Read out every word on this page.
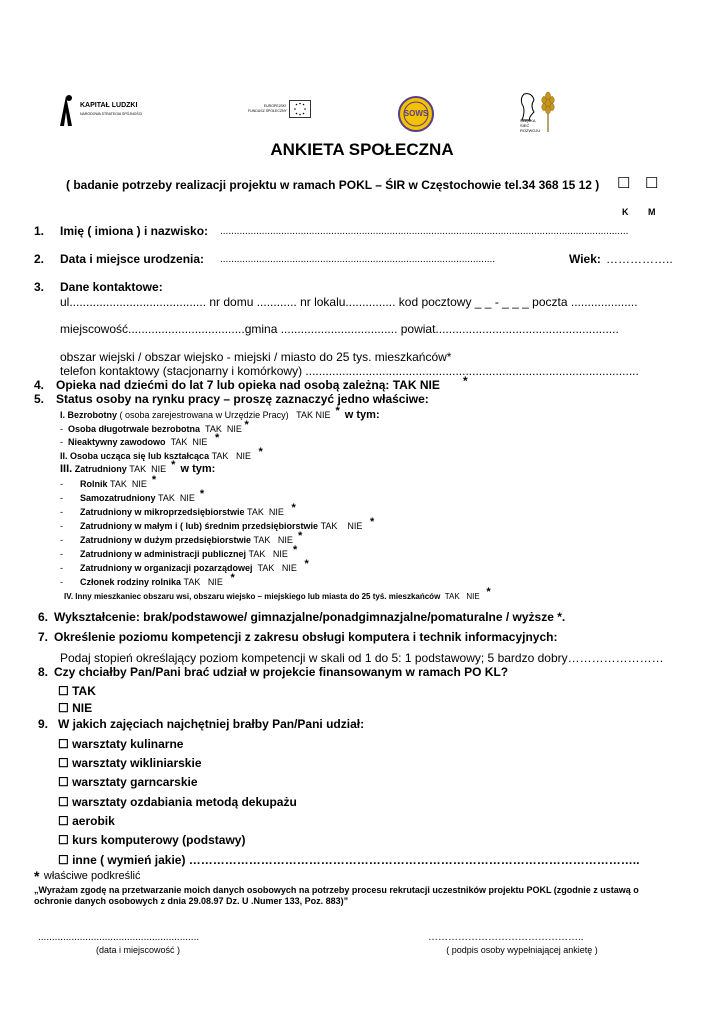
KAPITAŁ LUDZKI
NARODOWA STRATEGIA SPÓJNOŚCI
EUROPEJSKI
FUNDUSZ SPOŁECZNY	SOWS
ŚLĄSKA
SIEĆ
ROZWOJU
ANKIETA SPOŁECZNA
( badanie potrzeby realizacji projektu w ramach POKL – ŚIR w Częstochowie tel.34 368 15 12 ) ☐ ☐
K M
1. Imię ( imiona ) i nazwisko: ...................................................................................................................................................
2. Data i miejsce urodzenia: ...................................................................................................	Wiek: ……………..
3. Dane kontaktowe:
ul......................................... nr domu ............ nr lokalu............... kod pocztowy _ _ - _ _ _ poczta ....................
miejscowość...................................gmina ................................... powiat.......................................................
obszar wiejski / obszar wiejsko - miejski / miasto do 25 tys. mieszkańców*
telefon kontaktowy (stacjonarny i komórkowy) ....................................................................................................
4. Opieka nad dziećmi do lat 7 lub opieka nad osobą zależną: TAK NIE *
5. Status osoby na rynku pracy – proszę zaznaczyć jedno właściwe:
I. Bezrobotny ( osoba zarejestrowana w Urzędzie Pracy) TAK NIE * w tym:
- Osoba długotrwale bezrobotna TAK NIE *
- Nieaktywny zawodowo TAK NIE *
II. Osoba ucząca się lub kształcąca TAK NIE *
III. Zatrudniony TAK NIE * w tym:
- Rolnik TAK NIE *
- Samozatrudniony TAK NIE *
- Zatrudniony w mikroprzedsiębiorstwie TAK NIE *
- Zatrudniony w małym i ( lub) średnim przedsiębiorstwie TAK NIE *
- Zatrudniony w dużym przedsiębiorstwie TAK NIE *
- Zatrudniony w administracji publicznej TAK NIE *
- Zatrudniony w organizacji pozarządowej TAK NIE *
- Członek rodziny rolnika TAK NIE *
IV. Inny mieszkaniec obszaru wsi, obszaru wiejsko – miejskiego lub miasta do 25 tyś. mieszkańców TAK NIE *
6. Wykształcenie: brak/podstawowe/ gimnazjalne/ponadgimnazjalne/pomaturalne / wyższe *.
7. Określenie poziomu kompetencji z zakresu obsługi komputera i technik informacyjnych:
Podaj stopień określający poziom kompetencji w skali od 1 do 5: 1 podstawowy; 5 bardzo dobry……………………
8. Czy chciałby Pan/Pani brać udział w projekcie finansowanym w ramach PO KL?
☐ TAK
☐ NIE
9. W jakich zajęciach najchętniej brałby Pan/Pani udział:
☐ warsztaty kulinarne
☐ warsztaty wikliniarskie
☐ warsztaty garncarskie
☐ warsztaty ozdabiania metodą dekupażu
☐ aerobik
☐ kurs komputerowy (podstawy)
☐ inne ( wymień jakie) …………………………………………………………………………………………………..
* właściwe podkreślić
„Wyrażam zgodę na przetwarzanie moich danych osobowych na potrzeby procesu rekrutacji uczestników projektu POKL (zgodnie z ustawą o
ochronie danych osobowych z dnia 29.08.97 Dz. U .Numer 133, Poz. 883)”
..........................................................
(data i miejscowość )
………………………………………..
( podpis osoby wypełniającej ankietę )
